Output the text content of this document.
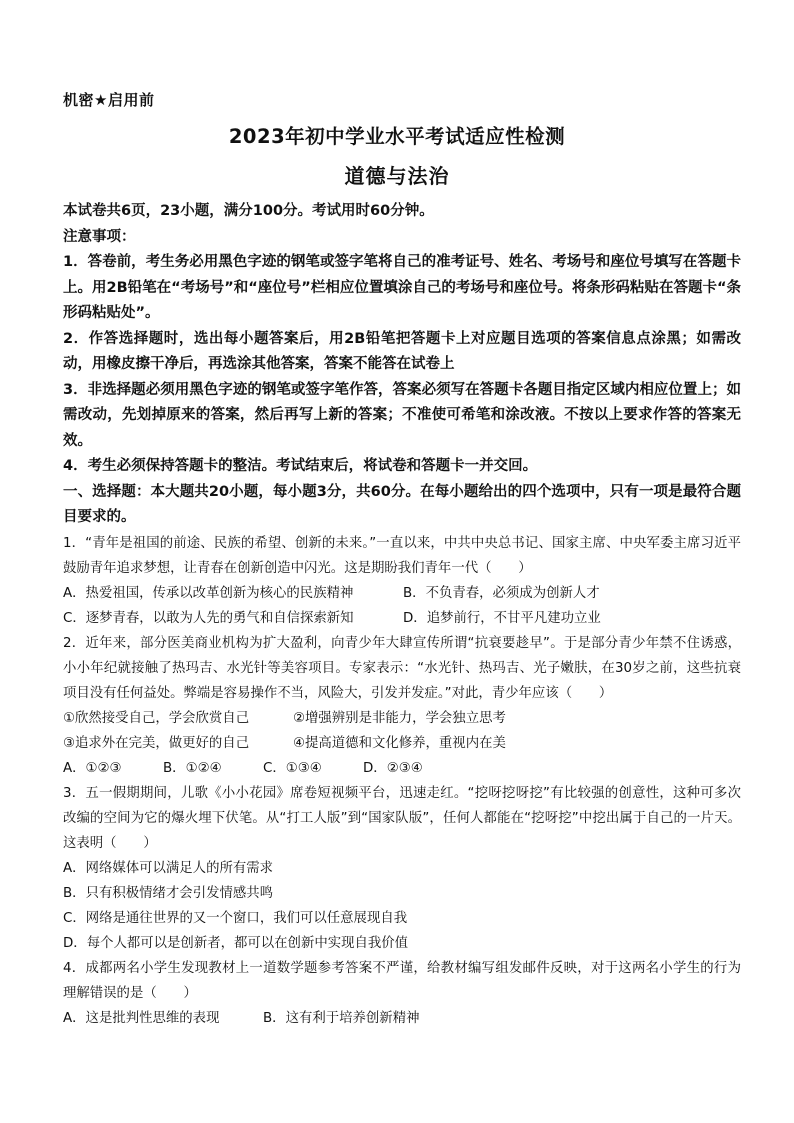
机密★启用前
2023年初中学业水平考试适应性检测
道德与法治

本试卷共6页，23小题，满分100分。考试用时60分钟。

注意事项：

1．答卷前，考生务必用黑色字迹的钢笔或签字笔将自己的准考证号、姓名、考场号和座位号填写在答题卡上。用2B铅笔在“考场号”和“座位号”栏相应位置填涂自己的考场号和座位号。将条形码粘贴在答题卡“条形码粘贴处”。

2．作答选择题时，选出每小题答案后，用2B铅笔把答题卡上对应题目选项的答案信息点涂黑；如需改动，用橡皮擦干净后，再选涂其他答案，答案不能答在试卷上

3．非选择题必须用黑色字迹的钢笔或签字笔作答，答案必须写在答题卡各题目指定区域内相应位置上；如需改动，先划掉原来的答案，然后再写上新的答案；不准使可希笔和涂改液。不按以上要求作答的答案无效。

4．考生必须保持答题卡的整洁。考试结束后，将试卷和答题卡一并交回。

一、选择题：本大题共20小题，每小题3分，共60分。在每小题给出的四个选项中，只有一项是最符合题目要求的。

1．“青年是祖国的前途、民族的希望、创新的未来。”一直以来，中共中央总书记、国家主席、中央军委主席习近平鼓励青年追求梦想，让青春在创新创造中闪光。这是期盼我们青年一代（　　）

A．热爱祖国，传承以改革创新为核心的民族精神	B．不负青春，必须成为创新人才
C．逐梦青春，以敢为人先的勇气和自信探索新知	D．追梦前行，不甘平凡建功立业

2．近年来，部分医美商业机构为扩大盈利，向青少年大肆宣传所谓“抗衰要趁早”。于是部分青少年禁不住诱惑，小小年纪就接触了热玛吉、水光针等美容项目。专家表示：“水光针、热玛吉、光子嫩肤，在30岁之前，这些抗衰项目没有任何益处。弊端是容易操作不当，风险大，引发并发症。”对此，青少年应该（　　）

①欣然接受自己，学会欣赏自己	②增强辨别是非能力，学会独立思考
③追求外在完美，做更好的自己	④提高道德和文化修养，重视内在美
A．①②③	B．①②④	C．①③④	D．②③④

3．五一假期期间，儿歌《小小花园》席卷短视频平台，迅速走红。“挖呀挖呀挖”有比较强的创意性，这种可多次改编的空间为它的爆火埋下伏笔。从“打工人版”到“国家队版”，任何人都能在“挖呀挖”中挖出属于自己的一片天。这表明（　　）

A．网络媒体可以满足人的所有需求

B．只有积极情绪才会引发情感共鸣

C．网络是通往世界的又一个窗口，我们可以任意展现自我

D．每个人都可以是创新者，都可以在创新中实现自我价值

4．成都两名小学生发现教材上一道数学题参考答案不严谨，给教材编写组发邮件反映，对于这两名小学生的行为理解错误的是（　　）

A．这是批判性思维的表现	B．这有利于培养创新精神
